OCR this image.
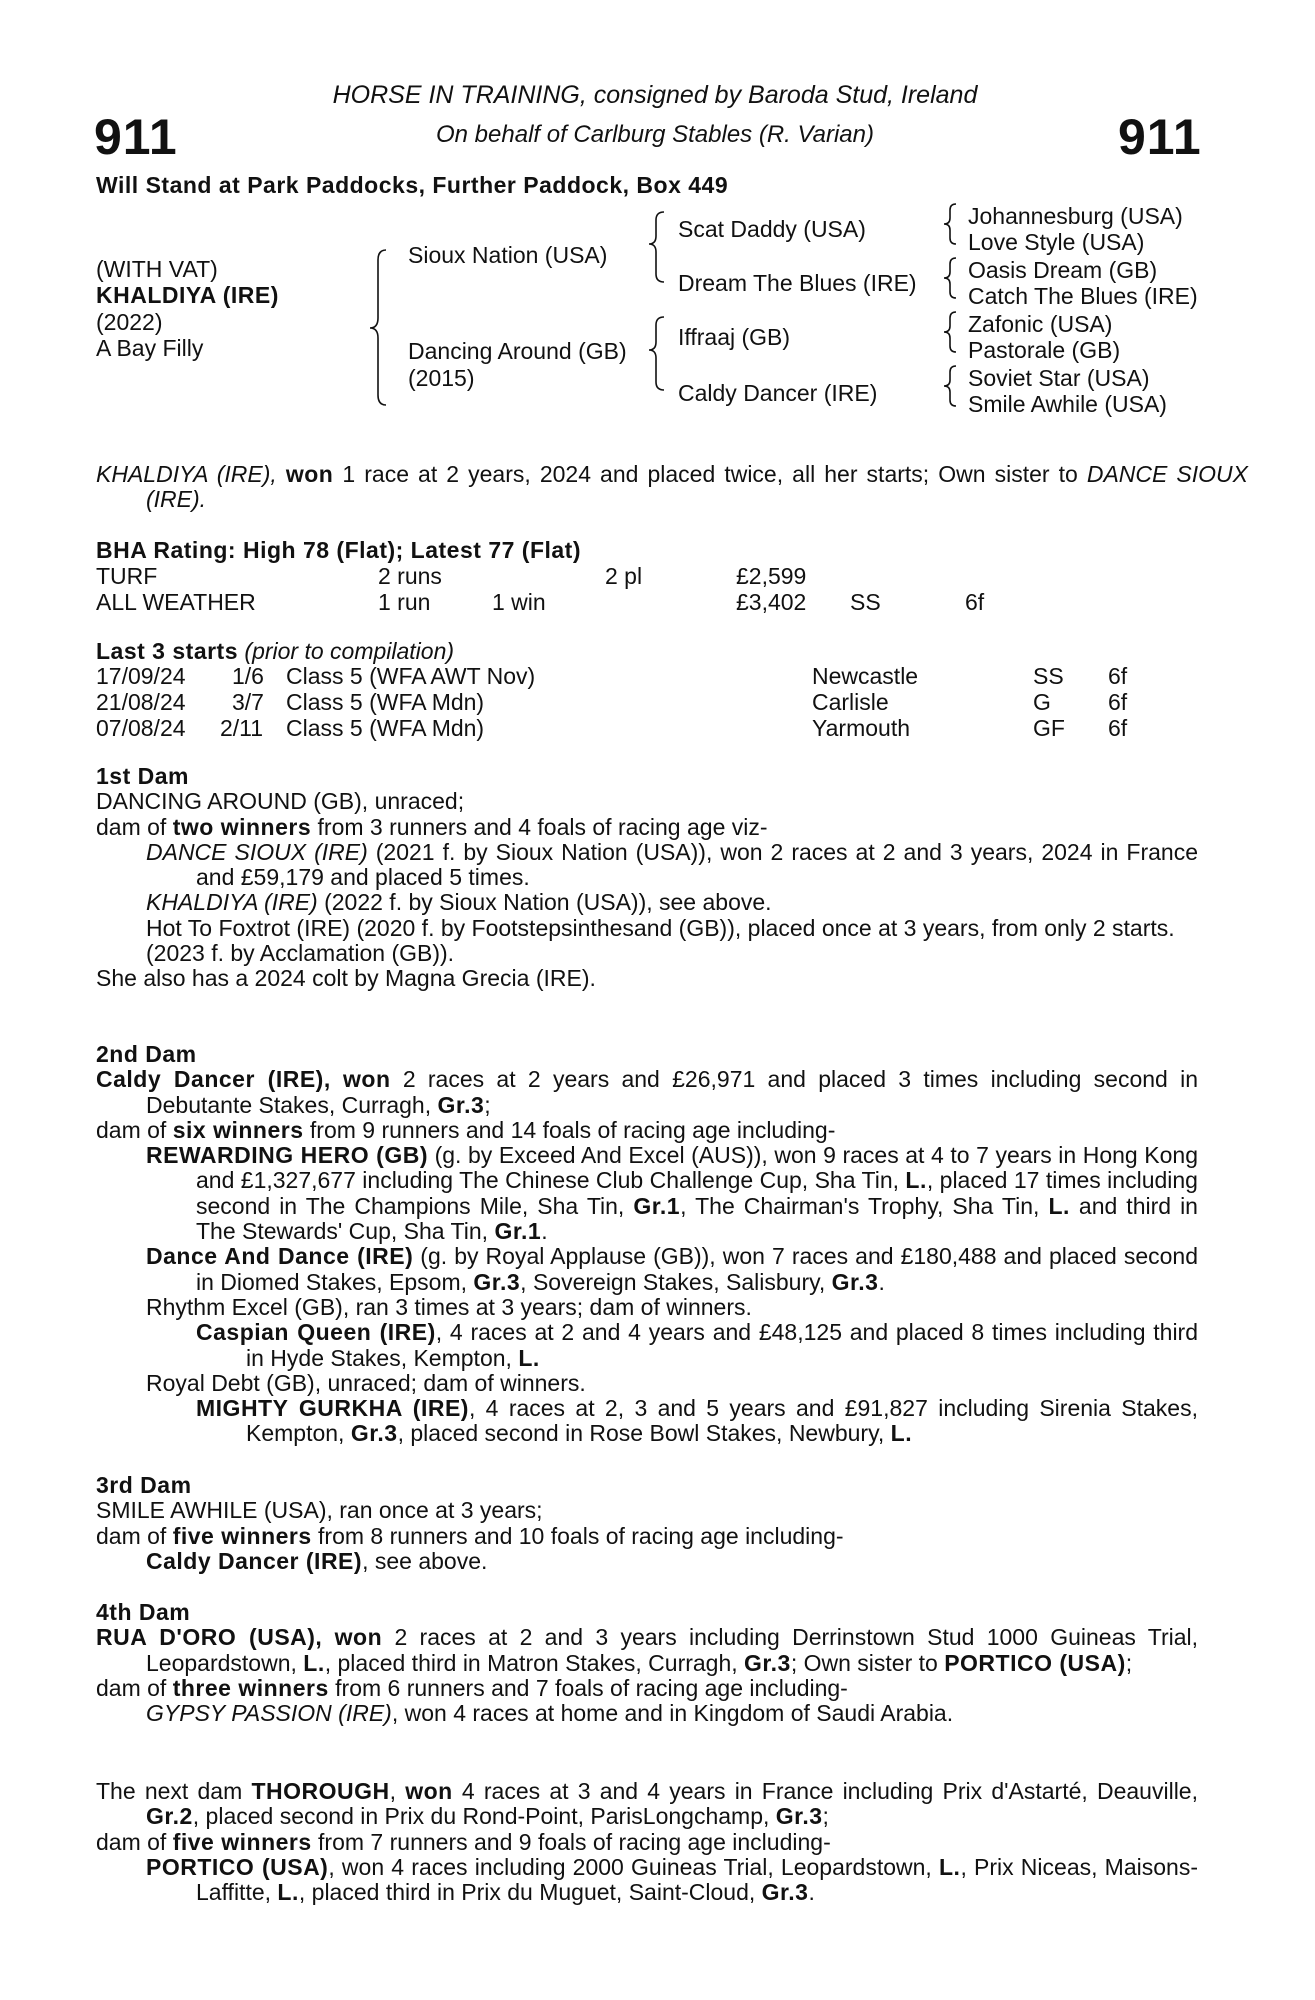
911	911
HORSE IN TRAINING, consigned by Baroda Stud, Ireland
On behalf of Carlburg Stables (R. Varian)
Will Stand at Park Paddocks, Further Paddock, Box 449
(WITH VAT)
KHALDIYA (IRE)
(2022)
A Bay Filly
Sioux Nation (USA)
Dancing Around (GB)
(2015)
Scat Daddy (USA)
Dream The Blues (IRE)
Iffraaj (GB)
Caldy Dancer (IRE)
Johannesburg (USA)
Love Style (USA)
Oasis Dream (GB)
Catch The Blues (IRE)
Zafonic (USA)
Pastorale (GB)
Soviet Star (USA)
Smile Awhile (USA)

KHALDIYA (IRE), won 1 race at 2 years, 2024 and placed twice, all her starts; Own sister to DANCE SIOUX (IRE).

BHA Rating: High 78 (Flat); Latest 77 (Flat)
TURF	2 runs	2 pl	£2,599
ALL WEATHER	1 run	1 win	£3,402 SS	6f
Last 3 starts (prior to compilation)
17/09/24 1/6 Class 5 (WFA AWT Nov)	Newcastle	SS 6f
21/08/24 3/7 Class 5 (WFA Mdn)	Carlisle	G 6f
07/08/24 2/11 Class 5 (WFA Mdn)	Yarmouth	GF 6f

1st Dam

DANCING AROUND (GB), unraced;

dam of two winners from 3 runners and 4 foals of racing age viz-

DANCE SIOUX (IRE) (2021 f. by Sioux Nation (USA)), won 2 races at 2 and 3 years, 2024 in France and £59,179 and placed 5 times.

KHALDIYA (IRE) (2022 f. by Sioux Nation (USA)), see above.

Hot To Foxtrot (IRE) (2020 f. by Footstepsinthesand (GB)), placed once at 3 years, from only 2 starts.

(2023 f. by Acclamation (GB)).

She also has a 2024 colt by Magna Grecia (IRE).

2nd Dam

Caldy Dancer (IRE), won 2 races at 2 years and £26,971 and placed 3 times including second in Debutante Stakes, Curragh, Gr.3;

dam of six winners from 9 runners and 14 foals of racing age including-

REWARDING HERO (GB) (g. by Exceed And Excel (AUS)), won 9 races at 4 to 7 years in Hong Kong and £1,327,677 including The Chinese Club Challenge Cup, Sha Tin, L., placed 17 times including second in The Champions Mile, Sha Tin, Gr.1, The Chairman's Trophy, Sha Tin, L. and third in The Stewards' Cup, Sha Tin, Gr.1.

Dance And Dance (IRE) (g. by Royal Applause (GB)), won 7 races and £180,488 and placed second in Diomed Stakes, Epsom, Gr.3, Sovereign Stakes, Salisbury, Gr.3.

Rhythm Excel (GB), ran 3 times at 3 years; dam of winners.

Caspian Queen (IRE), 4 races at 2 and 4 years and £48,125 and placed 8 times including third in Hyde Stakes, Kempton, L.

Royal Debt (GB), unraced; dam of winners.

MIGHTY GURKHA (IRE), 4 races at 2, 3 and 5 years and £91,827 including Sirenia Stakes, Kempton, Gr.3, placed second in Rose Bowl Stakes, Newbury, L.

3rd Dam

SMILE AWHILE (USA), ran once at 3 years;

dam of five winners from 8 runners and 10 foals of racing age including-

Caldy Dancer (IRE), see above.

4th Dam

RUA D'ORO (USA), won 2 races at 2 and 3 years including Derrinstown Stud 1000 Guineas Trial, Leopardstown, L., placed third in Matron Stakes, Curragh, Gr.3; Own sister to PORTICO (USA);

dam of three winners from 6 runners and 7 foals of racing age including-

GYPSY PASSION (IRE), won 4 races at home and in Kingdom of Saudi Arabia.

The next dam THOROUGH, won 4 races at 3 and 4 years in France including Prix d'Astarté, Deauville, Gr.2, placed second in Prix du Rond-Point, ParisLongchamp, Gr.3;

dam of five winners from 7 runners and 9 foals of racing age including-

PORTICO (USA), won 4 races including 2000 Guineas Trial, Leopardstown, L., Prix Niceas, Maisons-Laffitte, L., placed third in Prix du Muguet, Saint-Cloud, Gr.3.
